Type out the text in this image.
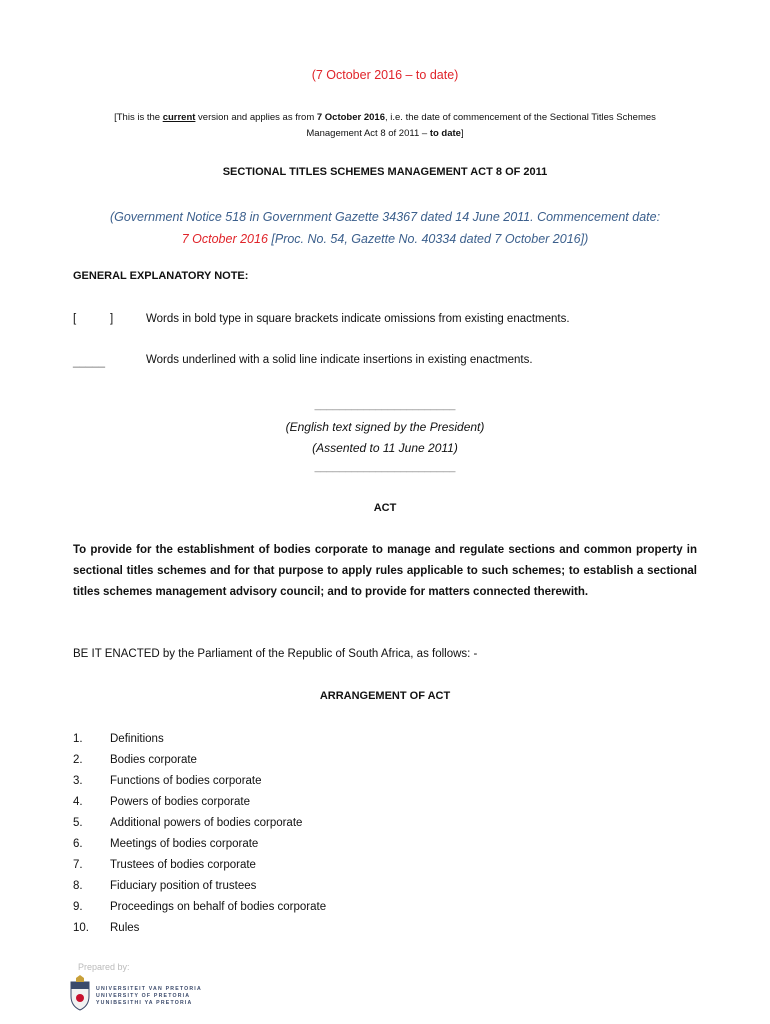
(7 October 2016 – to date)
[This is the current version and applies as from 7 October 2016, i.e. the date of commencement of the Sectional Titles Schemes
Management Act 8 of 2011 – to date]
SECTIONAL TITLES SCHEMES MANAGEMENT ACT 8 OF 2011
(Government Notice 518 in Government Gazette 34367 dated 14 June 2011. Commencement date:
7 October 2016 [Proc. No. 54, Gazette No. 40334 dated 7 October 2016])
GENERAL EXPLANATORY NOTE:
[	]	Words in bold type in square brackets indicate omissions from existing enactments.
_____	Words underlined with a solid line indicate insertions in existing enactments.
_______________________
(English text signed by the President)
(Assented to 11 June 2011)
_______________________
ACT
To provide for the establishment of bodies corporate to manage and regulate sections and common property in sectional titles schemes and for that purpose to apply rules applicable to such schemes; to establish a sectional titles schemes management advisory council; and to provide for matters connected therewith.
BE IT ENACTED by the Parliament of the Republic of South Africa, as follows: -
ARRANGEMENT OF ACT
1. Definitions
2. Bodies corporate
3. Functions of bodies corporate
4. Powers of bodies corporate
5. Additional powers of bodies corporate
6. Meetings of bodies corporate
7. Trustees of bodies corporate
8. Fiduciary position of trustees
9. Proceedings on behalf of bodies corporate
10. Rules
Prepared by:
UNIVERSITEIT VAN PRETORIA
UNIVERSITY OF PRETORIA
YUNIBESITHI YA PRETORIA
